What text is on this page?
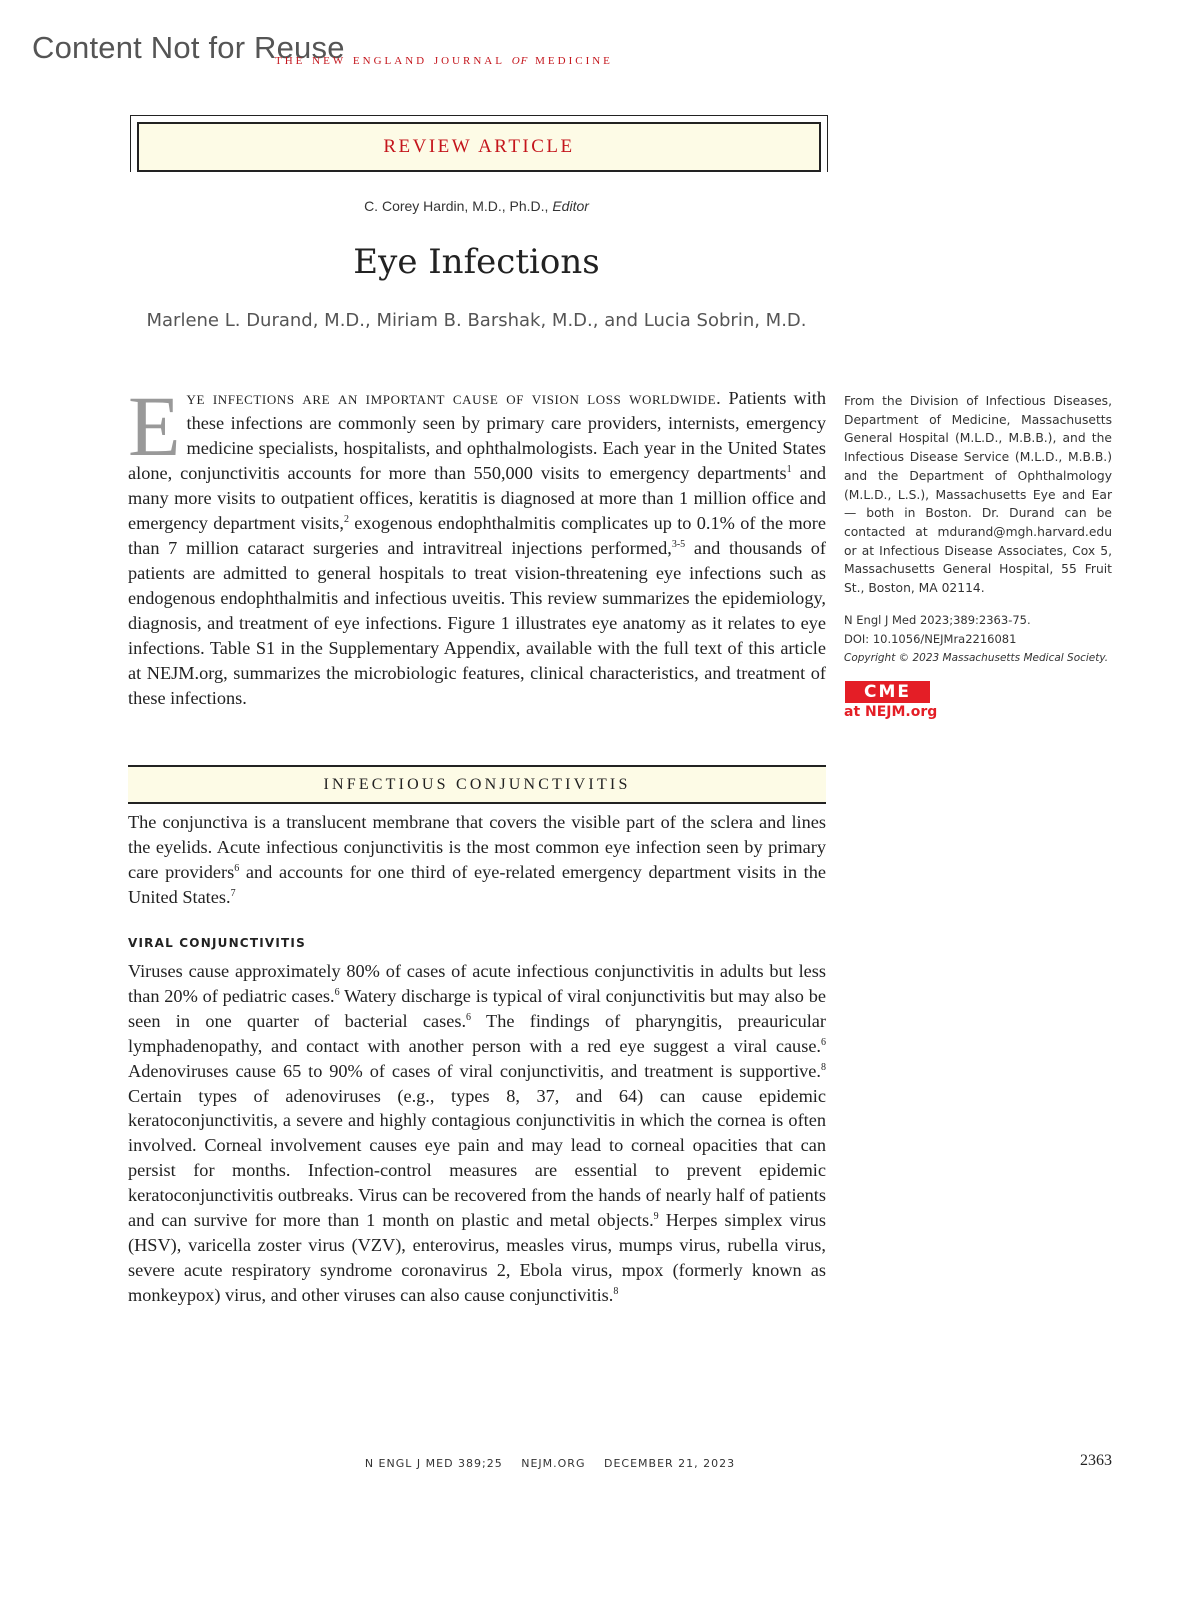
Content Not for Reuse
the new england journal of medicine
REVIEW ARTICLE
C. Corey Hardin, M.D., Ph.D., Editor
Eye Infections
Marlene L. Durand, M.D., Miriam B. Barshak, M.D., and Lucia Sobrin, M.D.
E ye infections are an important cause of vision loss worldwide. Patients with these infections are commonly seen by primary care providers, internists, emergency medicine specialists, hospitalists, and ophthalmologists. Each year in the United States alone, conjunctivitis accounts for more than 550,000 visits to emergency departments$^1$ and many more visits to outpatient offices, keratitis is diagnosed at more than 1 million office and emergency department visits,$^2$ exogenous endophthalmitis complicates up to 0.1% of the more than 7 million cataract surgeries and intravitreal injections performed,$^{3-5}$ and thousands of patients are admitted to general hospitals to treat vision-threatening eye infections such as endogenous endophthalmitis and infectious uveitis. This review summarizes the epidemiology, diagnosis, and treatment of eye infections. Figure 1 illustrates eye anatomy as it relates to eye infections. Table S1 in the Supplementary Appendix, available with the full text of this article at NEJM.org, summarizes the microbiologic features, clinical characteristics, and treatment of these infections.
From the Division of Infectious Diseases, Department of Medicine, Massachusetts General Hospital (M.L.D., M.B.B.), and the Infectious Disease Service (M.L.D., M.B.B.) and the Department of Ophthalmology (M.L.D., L.S.), Massachusetts Eye and Ear — both in Boston. Dr. Durand can be contacted at mdurand@mgh.harvard.edu or at Infectious Disease Associates, Cox 5, Massachusetts General Hospital, 55 Fruit St., Boston, MA 02114.
N Engl J Med 2023;389:2363-75.
DOI: 10.1056/NEJMra2216081
Copyright © 2023 Massachusetts Medical Society.
CME
at NEJM.org
INFECTIOUS CONJUNCTIVITIS
The conjunctiva is a translucent membrane that covers the visible part of the sclera and lines the eyelids. Acute infectious conjunctivitis is the most common eye infection seen by primary care providers$^6$ and accounts for one third of eye-related emergency department visits in the United States.$^7$
VIRAL CONJUNCTIVITIS
Viruses cause approximately 80% of cases of acute infectious conjunctivitis in adults but less than 20% of pediatric cases.$^6$ Watery discharge is typical of viral conjunctivitis but may also be seen in one quarter of bacterial cases.$^6$ The findings of pharyngitis, preauricular lymphadenopathy, and contact with another person with a red eye suggest a viral cause.$^6$ Adenoviruses cause 65 to 90% of cases of viral conjunctivitis, and treatment is supportive.$^8$ Certain types of adenoviruses (e.g., types 8, 37, and 64) can cause epidemic keratoconjunctivitis, a severe and highly contagious conjunctivitis in which the cornea is often involved. Corneal involvement causes eye pain and may lead to corneal opacities that can persist for months. Infection-control measures are essential to prevent epidemic keratoconjunctivitis outbreaks. Virus can be recovered from the hands of nearly half of patients and can survive for more than 1 month on plastic and metal objects.$^9$ Herpes simplex virus (HSV), varicella zoster virus (VZV), enterovirus, measles virus, mumps virus, rubella virus, severe acute respiratory syndrome coronavirus 2, Ebola virus, mpox (formerly known as monkeypox) virus, and other viruses can also cause conjunctivitis.$^8$
N ENGL J MED 389;25 NEJM.ORG DECEMBER 21, 2023	2363
